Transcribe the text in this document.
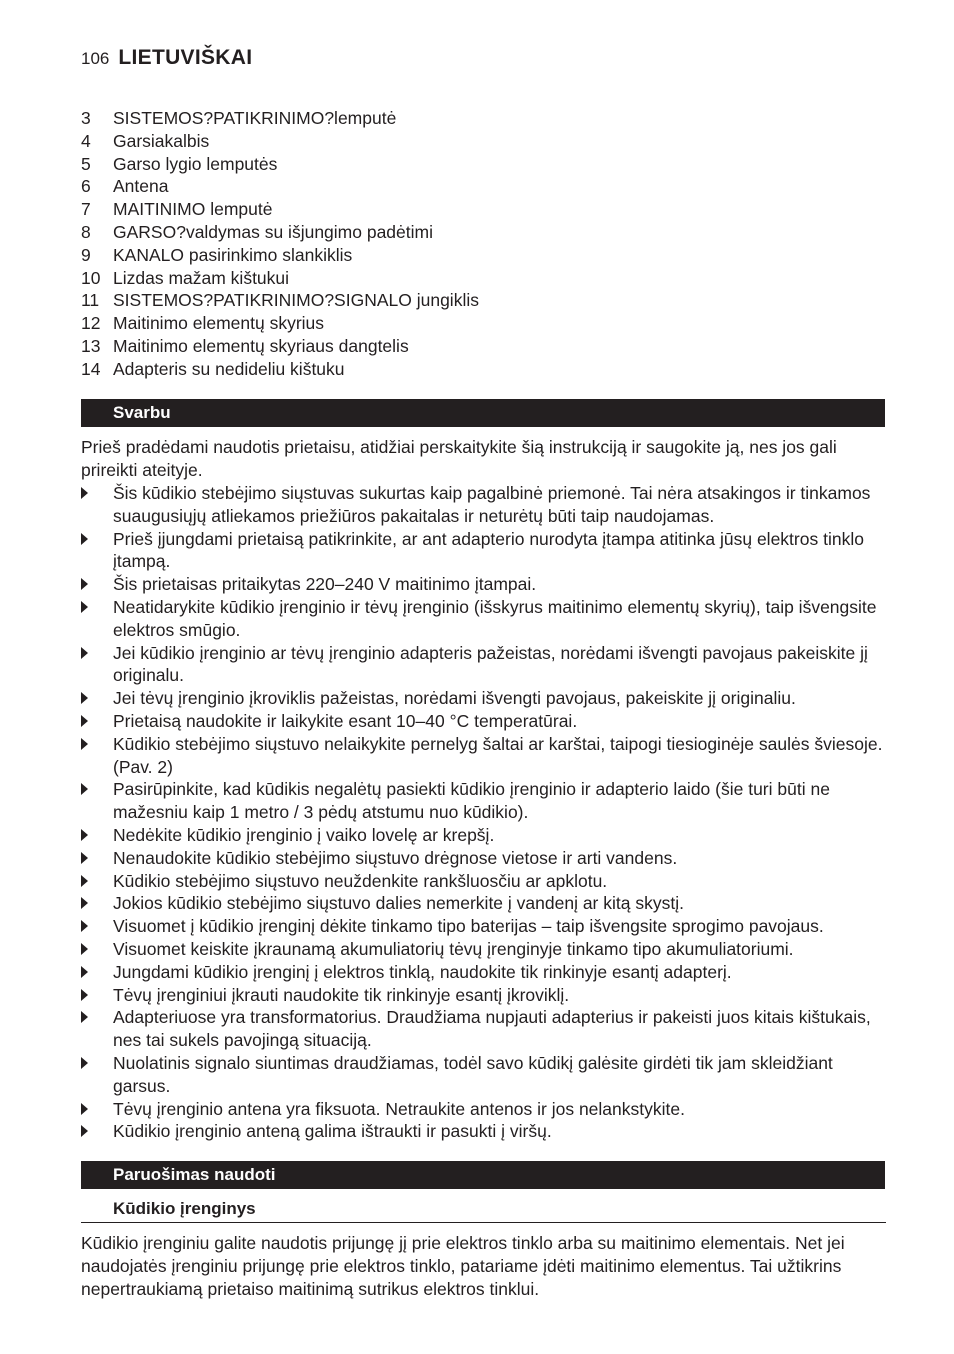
106 LIETUVIŠKAI
3	SISTEMOS?PATIKRINIMO?lemputė
4	Garsiakalbis
5	Garso lygio lemputės
6	Antena
7	MAITINIMO lemputė
8	GARSO?valdymas su išjungimo padėtimi
9	KANALO pasirinkimo slankiklis
10 Lizdas mažam kištukui
11 SISTEMOS?PATIKRINIMO?SIGNALO jungiklis
12 Maitinimo elementų skyrius
13 Maitinimo elementų skyriaus dangtelis
14 Adapteris su nedideliu kištuku
Svarbu
Prieš pradėdami naudotis prietaisu, atidžiai perskaitykite šią instrukciją ir saugokite ją, nes jos gali prireikti ateityje.
Šis kūdikio stebėjimo siųstuvas sukurtas kaip pagalbinė priemonė. Tai nėra atsakingos ir tinkamos suaugusiųjų atliekamos priežiūros pakaitalas ir neturėtų būti taip naudojamas.
Prieš įjungdami prietaisą patikrinkite, ar ant adapterio nurodyta įtampa atitinka jūsų elektros tinklo įtampą.
Šis prietaisas pritaikytas 220–240 V maitinimo įtampai.
Neatidarykite kūdikio įrenginio ir tėvų įrenginio (išskyrus maitinimo elementų skyrių), taip išvengsite elektros smūgio.
Jei kūdikio įrenginio ar tėvų įrenginio adapteris pažeistas, norėdami išvengti pavojaus pakeiskite jį originalu.
Jei tėvų įrenginio įkroviklis pažeistas, norėdami išvengti pavojaus, pakeiskite jį originaliu.
Prietaisą naudokite ir laikykite esant 10–40 °C temperatūrai.
Kūdikio stebėjimo siųstuvo nelaikykite pernelyg šaltai ar karštai, taipogi tiesioginėje saulės šviesoje. (Pav. 2)
Pasirūpinkite, kad kūdikis negalėtų pasiekti kūdikio įrenginio ir adapterio laido (šie turi būti ne mažesniu kaip 1 metro / 3 pėdų atstumu nuo kūdikio).
Nedėkite kūdikio įrenginio į vaiko lovelę ar krepšį.
Nenaudokite kūdikio stebėjimo siųstuvo drėgnose vietose ir arti vandens.
Kūdikio stebėjimo siųstuvo neuždenkite rankšluosčiu ar apklotu.
Jokios kūdikio stebėjimo siųstuvo dalies nemerkite į vandenį ar kitą skystį.
Visuomet į kūdikio įrenginį dėkite tinkamo tipo baterijas – taip išvengsite sprogimo pavojaus.
Visuomet keiskite įkraunamą akumuliatorių tėvų įrenginyje tinkamo tipo akumuliatoriumi.
Jungdami kūdikio įrenginį į elektros tinklą, naudokite tik rinkinyje esantį adapterį.
Tėvų įrenginiui įkrauti naudokite tik rinkinyje esantį įkroviklį.
Adapteriuose yra transformatorius. Draudžiama nupjauti adapterius ir pakeisti juos kitais kištukais, nes tai sukels pavojingą situaciją.
Nuolatinis signalo siuntimas draudžiamas, todėl savo kūdikį galėsite girdėti tik jam skleidžiant garsus.
Tėvų įrenginio antena yra fiksuota. Netraukite antenos ir jos nelankstykite.
Kūdikio įrenginio anteną galima ištraukti ir pasukti į viršų.
Paruošimas naudoti
Kūdikio įrenginys
Kūdikio įrenginiu galite naudotis prijungę jį prie elektros tinklo arba su maitinimo elementais. Net jei naudojatės įrenginiu prijungę prie elektros tinklo, patariame įdėti maitinimo elementus. Tai užtikrins nepertraukiamą prietaiso maitinimą sutrikus elektros tinklui.
